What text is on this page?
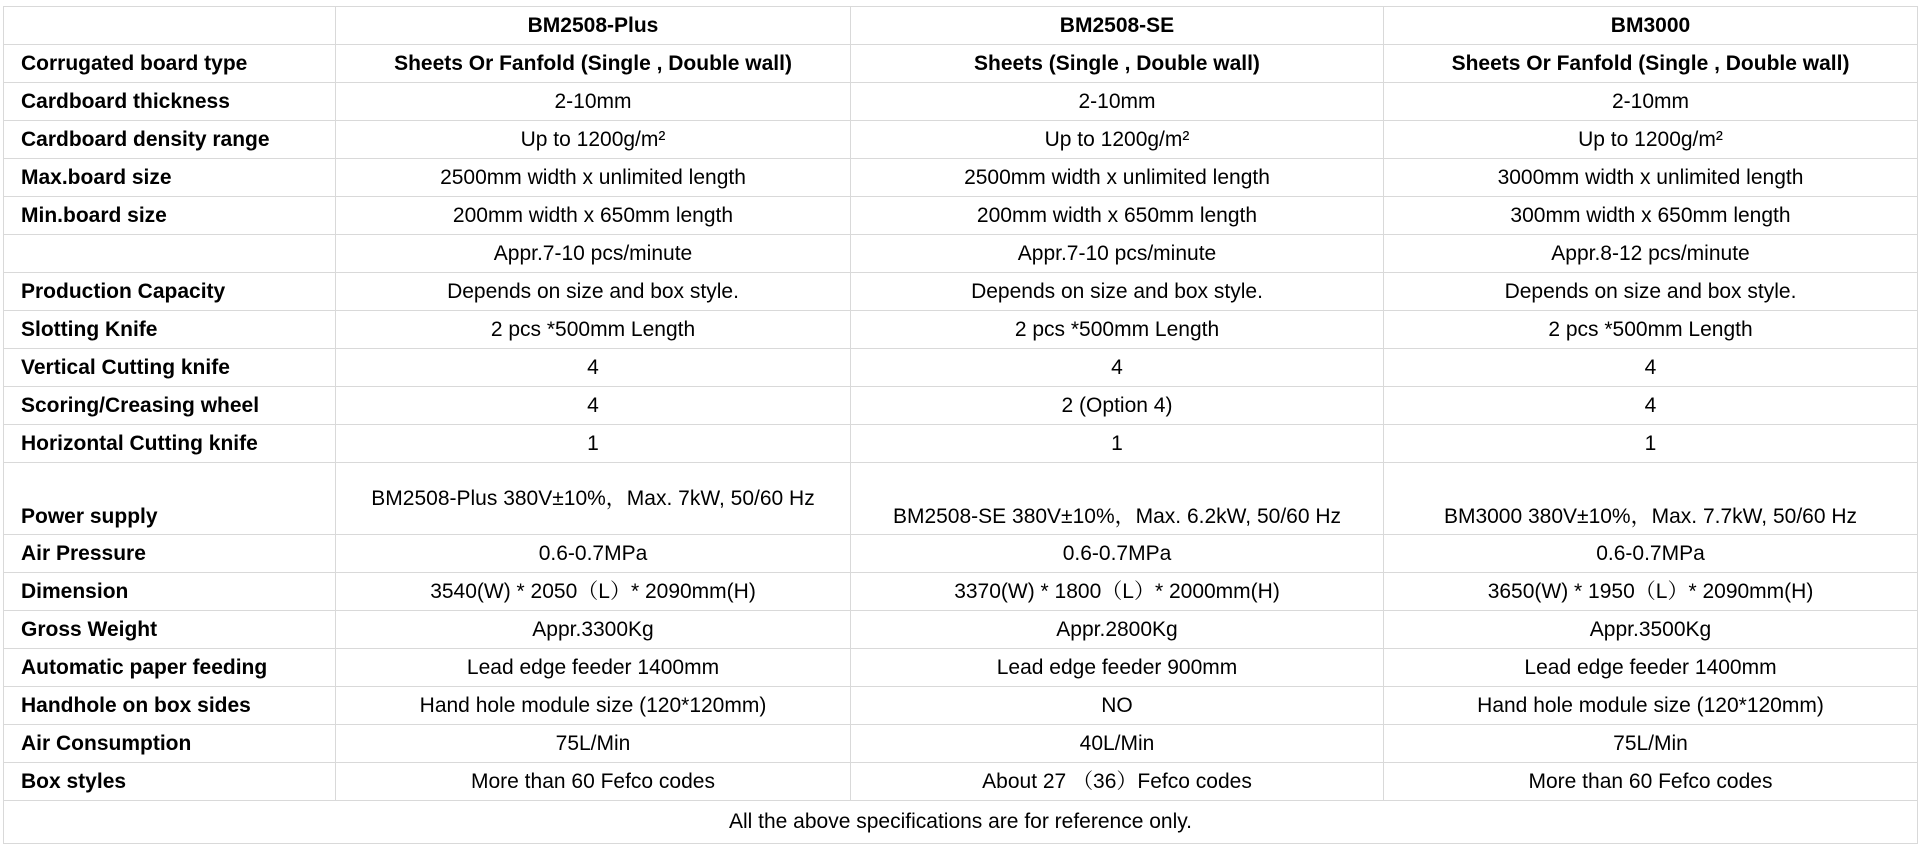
	BM2508-Plus	BM2508-SE	BM3000
Corrugated board type	Sheets Or Fanfold (Single , Double wall)	Sheets (Single , Double wall)	Sheets Or Fanfold (Single , Double wall)
Cardboard thickness	2-10mm	2-10mm	2-10mm
Cardboard density range	Up to 1200g/m²	Up to 1200g/m²	Up to 1200g/m²
Max.board size	2500mm width x unlimited length	2500mm width x unlimited length	3000mm width x unlimited length
Min.board size	200mm width x 650mm length	200mm width x 650mm length	300mm width x 650mm length
	Appr.7-10 pcs/minute	Appr.7-10 pcs/minute	Appr.8-12 pcs/minute
Production Capacity	Depends on size and box style.	Depends on size and box style.	Depends on size and box style.
Slotting Knife	2 pcs *500mm Length	2 pcs *500mm Length	2 pcs *500mm Length
Vertical Cutting knife	4	4	4
Scoring/Creasing wheel	4	2 (Option 4)	4
Horizontal Cutting knife	1	1	1
Power supply	BM2508-Plus 380V±10%，Max. 7kW, 50/60 Hz	BM2508-SE 380V±10%，Max. 6.2kW, 50/60 Hz	BM3000 380V±10%，Max. 7.7kW, 50/60 Hz
Air Pressure	0.6-0.7MPa	0.6-0.7MPa	0.6-0.7MPa
Dimension	3540(W) * 2050（L）* 2090mm(H)	3370(W) * 1800（L）* 2000mm(H)	3650(W) * 1950（L）* 2090mm(H)
Gross Weight	Appr.3300Kg	Appr.2800Kg	Appr.3500Kg
Automatic paper feeding	Lead edge feeder 1400mm	Lead edge feeder 900mm	Lead edge feeder 1400mm
Handhole on box sides	Hand hole module size (120*120mm)	NO	Hand hole module size (120*120mm)
Air Consumption	75L/Min	40L/Min	75L/Min
Box styles	More than 60 Fefco codes	About 27 （36）Fefco codes	More than 60 Fefco codes
All the above specifications are for reference only.			
